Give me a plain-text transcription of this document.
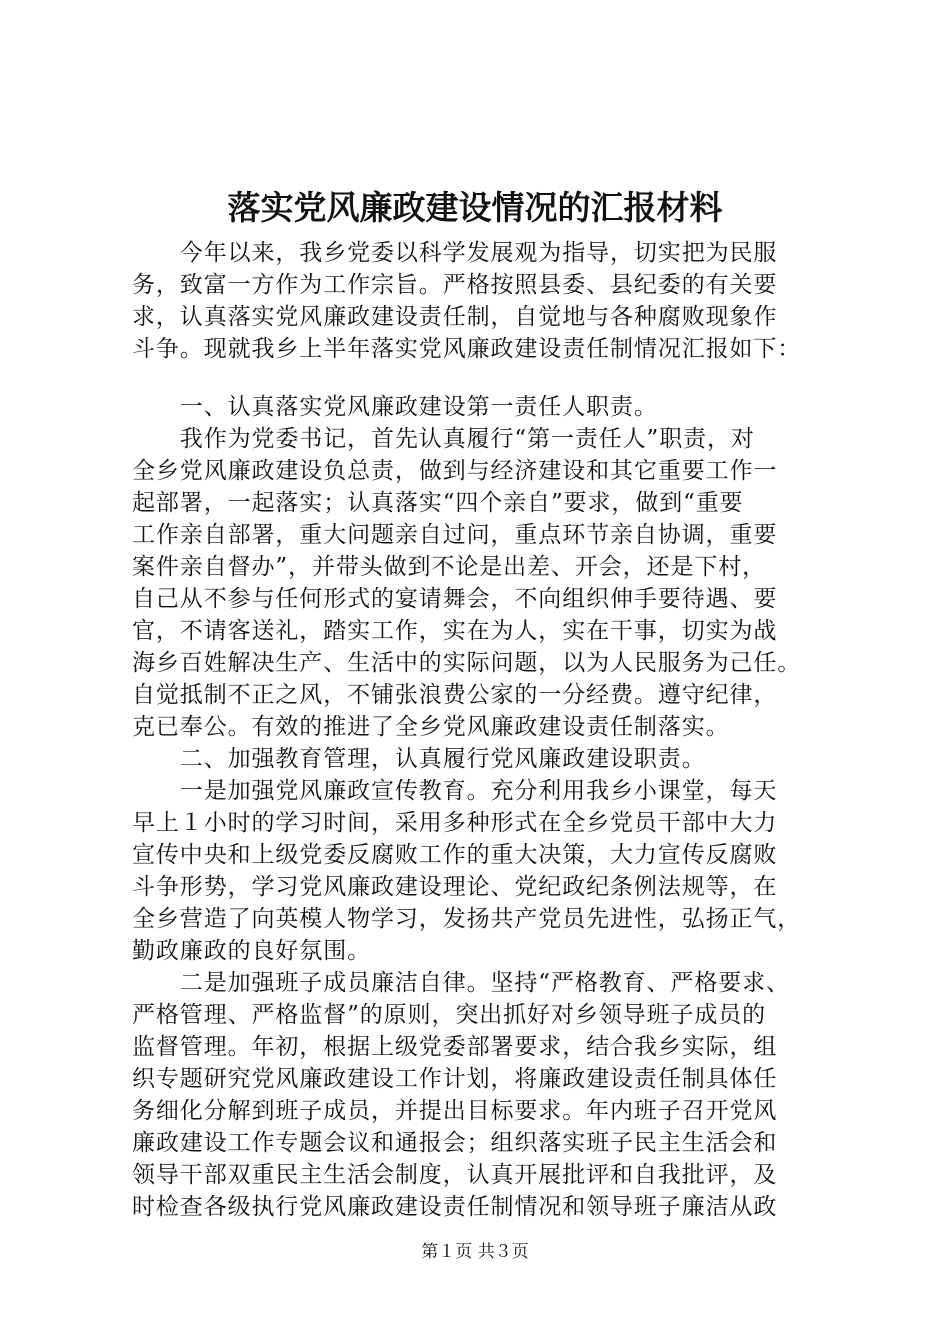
落实党风廉政建设情况的汇报材料
　　今年以来，我乡党委以科学发展观为指导，切实把为民服
务，致富一方作为工作宗旨。严格按照县委、县纪委的有关要
求，认真落实党风廉政建设责任制，自觉地与各种腐败现象作
斗争。现就我乡上半年落实党风廉政建设责任制情况汇报如下：
　　一、认真落实党风廉政建设第一责任人职责。
　　我作为党委书记，首先认真履行“第一责任人”职责，对
全乡党风廉政建设负总责，做到与经济建设和其它重要工作一
起部署，一起落实；认真落实“四个亲自”要求，做到“重要
工作亲自部署，重大问题亲自过问，重点环节亲自协调，重要
案件亲自督办”，并带头做到不论是出差、开会，还是下村，
自己从不参与任何形式的宴请舞会，不向组织伸手要待遇、要
官，不请客送礼，踏实工作，实在为人，实在干事，切实为战
海乡百姓解决生产、生活中的实际问题，以为人民服务为己任。
自觉抵制不正之风，不铺张浪费公家的一分经费。遵守纪律，
克已奉公。有效的推进了全乡党风廉政建设责任制落实。
　　二、加强教育管理，认真履行党风廉政建设职责。
　　一是加强党风廉政宣传教育。充分利用我乡小课堂，每天
早上１小时的学习时间，采用多种形式在全乡党员干部中大力
宣传中央和上级党委反腐败工作的重大决策，大力宣传反腐败
斗争形势，学习党风廉政建设理论、党纪政纪条例法规等，在
全乡营造了向英模人物学习，发扬共产党员先进性，弘扬正气，
勤政廉政的良好氛围。
　　二是加强班子成员廉洁自律。坚持“严格教育、严格要求、
严格管理、严格监督”的原则，突出抓好对乡领导班子成员的
监督管理。年初，根据上级党委部署要求，结合我乡实际，组
织专题研究党风廉政建设工作计划，将廉政建设责任制具体任
务细化分解到班子成员，并提出目标要求。年内班子召开党风
廉政建设工作专题会议和通报会；组织落实班子民主生活会和
领导干部双重民主生活会制度，认真开展批评和自我批评，及
时检查各级执行党风廉政建设责任制情况和领导班子廉洁从政
第１页 共３页
